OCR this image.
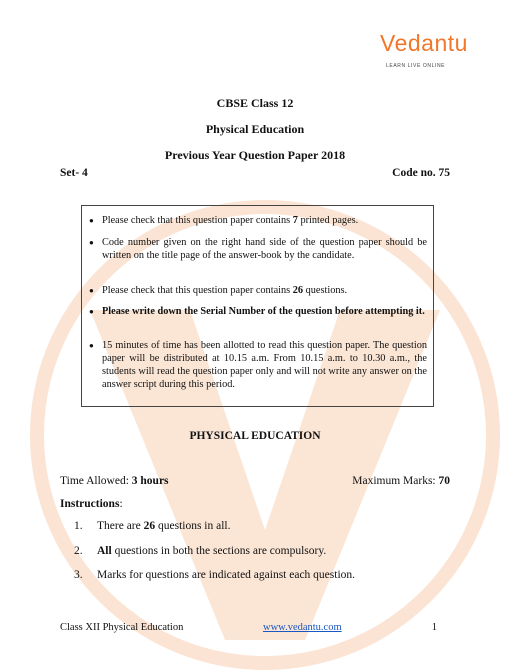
Vedantu
LEARN LIVE ONLINE
CBSE Class 12
Physical Education
Previous Year Question Paper 2018
Set- 4	Code no. 75
● Please check that this question paper contains 7 printed pages.
● Code number given on the right hand side of the question paper should be written on the title page of the answer-book by the candidate.
● Please check that this question paper contains 26 questions.
● Please write down the Serial Number of the question before attempting it.
● 15 minutes of time has been allotted to read this question paper. The question paper will be distributed at 10.15 a.m. From 10.15 a.m. to 10.30 a.m., the students will read the question paper only and will not write any answer on the answer script during this period.
PHYSICAL EDUCATION
Time Allowed: 3 hours	Maximum Marks: 70
Instructions:
1. There are 26 questions in all.
2. All questions in both the sections are compulsory.
3. Marks for questions are indicated against each question.
Class XII Physical Education	www.vedantu.com	1
